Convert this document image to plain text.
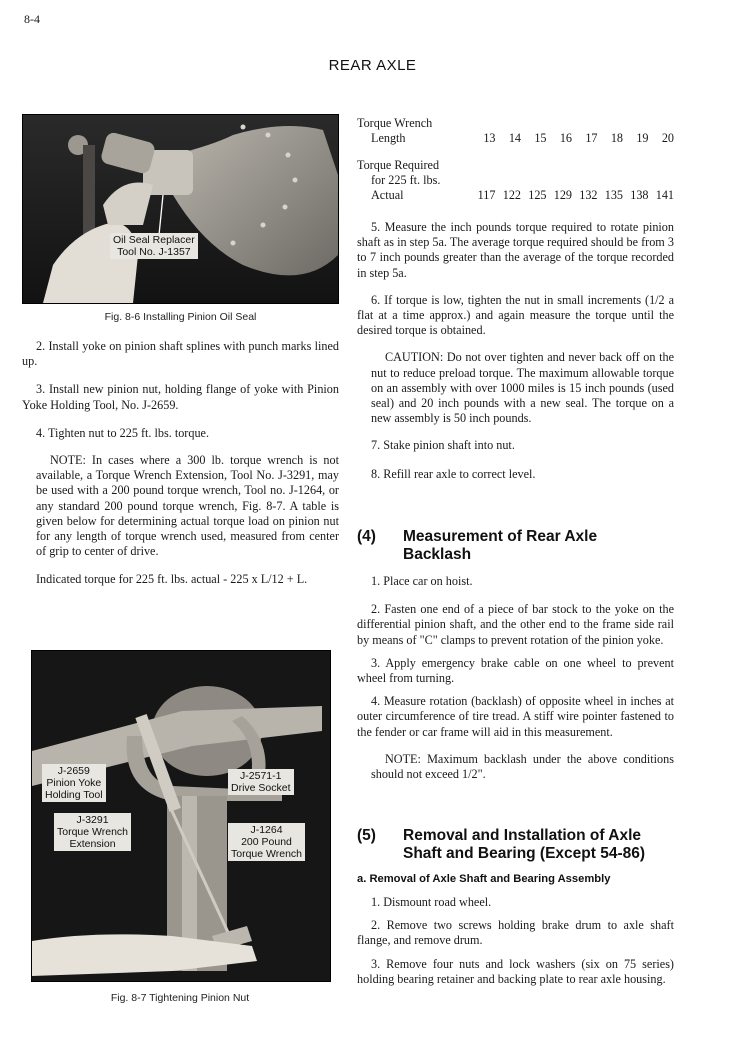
8-4
REAR AXLE
Oil Seal Replacer
Tool No. J-1357
Fig. 8-6 Installing Pinion Oil Seal

2. Install yoke on pinion shaft splines with punch marks lined up.

3. Install new pinion nut, holding flange of yoke with Pinion Yoke Holding Tool, No. J-2659.

4. Tighten nut to 225 ft. lbs. torque.

NOTE: In cases where a 300 lb. torque wrench is not available, a Torque Wrench Extension, Tool No. J-3291, may be used with a 200 pound torque wrench, Tool no. J-1264, or any standard 200 pound torque wrench, Fig. 8-7. A table is given below for determining actual torque load on pinion nut for any length of torque wrench used, measured from center of grip to center of drive.

Indicated torque for 225 ft. lbs. actual - 225 x L/12 + L.

J-2659
Pinion Yoke
Holding Tool
J-2571-1
Drive Socket
J-3291
Torque Wrench
Extension
J-1264
200 Pound
Torque Wrench
Fig. 8-7 Tightening Pinion Nut
Torque Wrench
Length	13	14	15	16	17	18	19	20
Torque Required
for 225 ft. lbs.
Actual	117 122 125 129 132 135 138 141

5. Measure the inch pounds torque required to rotate pinion shaft as in step 5a. The average torque required should be from 3 to 7 inch pounds greater than the average of the torque recorded in step 5a.

6. If torque is low, tighten the nut in small increments (1/2 a flat at a time approx.) and again measure the torque until the desired torque is obtained.

CAUTION: Do not over tighten and never back off on the nut to reduce preload torque. The maximum allowable torque on an assembly with over 1000 miles is 15 inch pounds (used seal) and 20 inch pounds with a new seal. The torque on a new assembly is 50 inch pounds.

7. Stake pinion shaft into nut.

8. Refill rear axle to correct level.

(4)	Measurement of Rear Axle Backlash

1. Place car on hoist.

2. Fasten one end of a piece of bar stock to the yoke on the differential pinion shaft, and the other end to the frame side rail by means of "C" clamps to prevent rotation of the pinion yoke.

3. Apply emergency brake cable on one wheel to prevent wheel from turning.

4. Measure rotation (backlash) of opposite wheel in inches at outer circumference of tire tread. A stiff wire pointer fastened to the fender or car frame will aid in this measurement.

NOTE: Maximum backlash under the above conditions should not exceed 1/2".

(5)	Removal and Installation of Axle Shaft and Bearing (Except 54-86)
a. Removal of Axle Shaft and Bearing Assembly

1. Dismount road wheel.

2. Remove two screws holding brake drum to axle shaft flange, and remove drum.

3. Remove four nuts and lock washers (six on 75 series) holding bearing retainer and backing plate to rear axle housing.
